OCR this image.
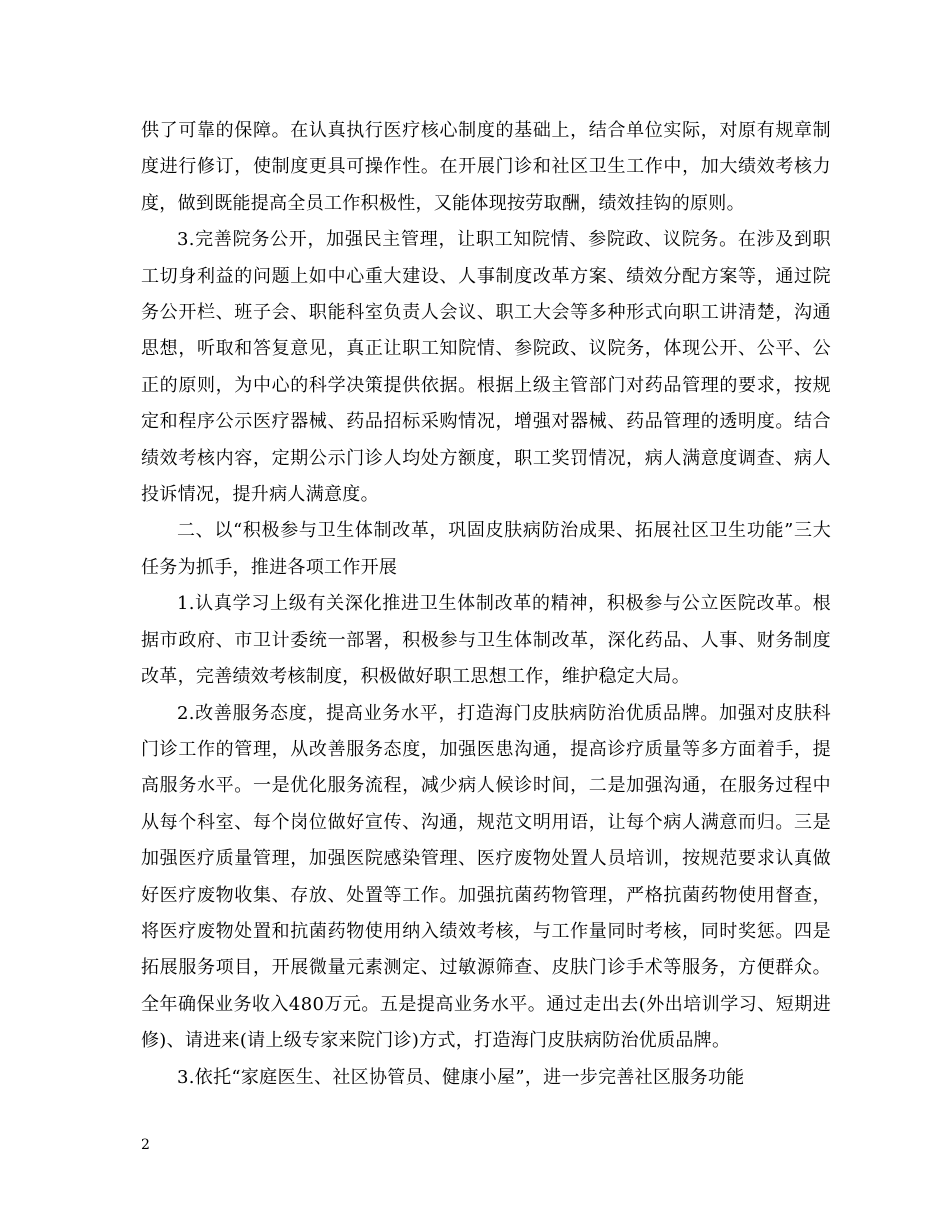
供了可靠的保障。在认真执行医疗核心制度的基础上，结合单位实际，对原有规章制度进行修订，使制度更具可操作性。在开展门诊和社区卫生工作中，加大绩效考核力度，做到既能提高全员工作积极性，又能体现按劳取酬，绩效挂钩的原则。

3.完善院务公开，加强民主管理，让职工知院情、参院政、议院务。在涉及到职工切身利益的问题上如中心重大建设、人事制度改革方案、绩效分配方案等，通过院务公开栏、班子会、职能科室负责人会议、职工大会等多种形式向职工讲清楚，沟通思想，听取和答复意见，真正让职工知院情、参院政、议院务，体现公开、公平、公正的原则，为中心的科学决策提供依据。根据上级主管部门对药品管理的要求，按规定和程序公示医疗器械、药品招标采购情况，增强对器械、药品管理的透明度。结合绩效考核内容，定期公示门诊人均处方额度，职工奖罚情况，病人满意度调查、病人投诉情况，提升病人满意度。

二、以“积极参与卫生体制改革，巩固皮肤病防治成果、拓展社区卫生功能”三大任务为抓手，推进各项工作开展

1.认真学习上级有关深化推进卫生体制改革的精神，积极参与公立医院改革。根据市政府、市卫计委统一部署，积极参与卫生体制改革，深化药品、人事、财务制度改革，完善绩效考核制度，积极做好职工思想工作，维护稳定大局。

2.改善服务态度，提高业务水平，打造海门皮肤病防治优质品牌。加强对皮肤科门诊工作的管理，从改善服务态度，加强医患沟通，提高诊疗质量等多方面着手，提高服务水平。一是优化服务流程，减少病人候诊时间，二是加强沟通，在服务过程中从每个科室、每个岗位做好宣传、沟通，规范文明用语，让每个病人满意而归。三是加强医疗质量管理，加强医院感染管理、医疗废物处置人员培训，按规范要求认真做好医疗废物收集、存放、处置等工作。加强抗菌药物管理，严格抗菌药物使用督查，将医疗废物处置和抗菌药物使用纳入绩效考核，与工作量同时考核，同时奖惩。四是拓展服务项目，开展微量元素测定、过敏源筛查、皮肤门诊手术等服务，方便群众。全年确保业务收入480万元。五是提高业务水平。通过走出去(外出培训学习、短期进修)、请进来(请上级专家来院门诊)方式，打造海门皮肤病防治优质品牌。

3.依托“家庭医生、社区协管员、健康小屋”，进一步完善社区服务功能

2
